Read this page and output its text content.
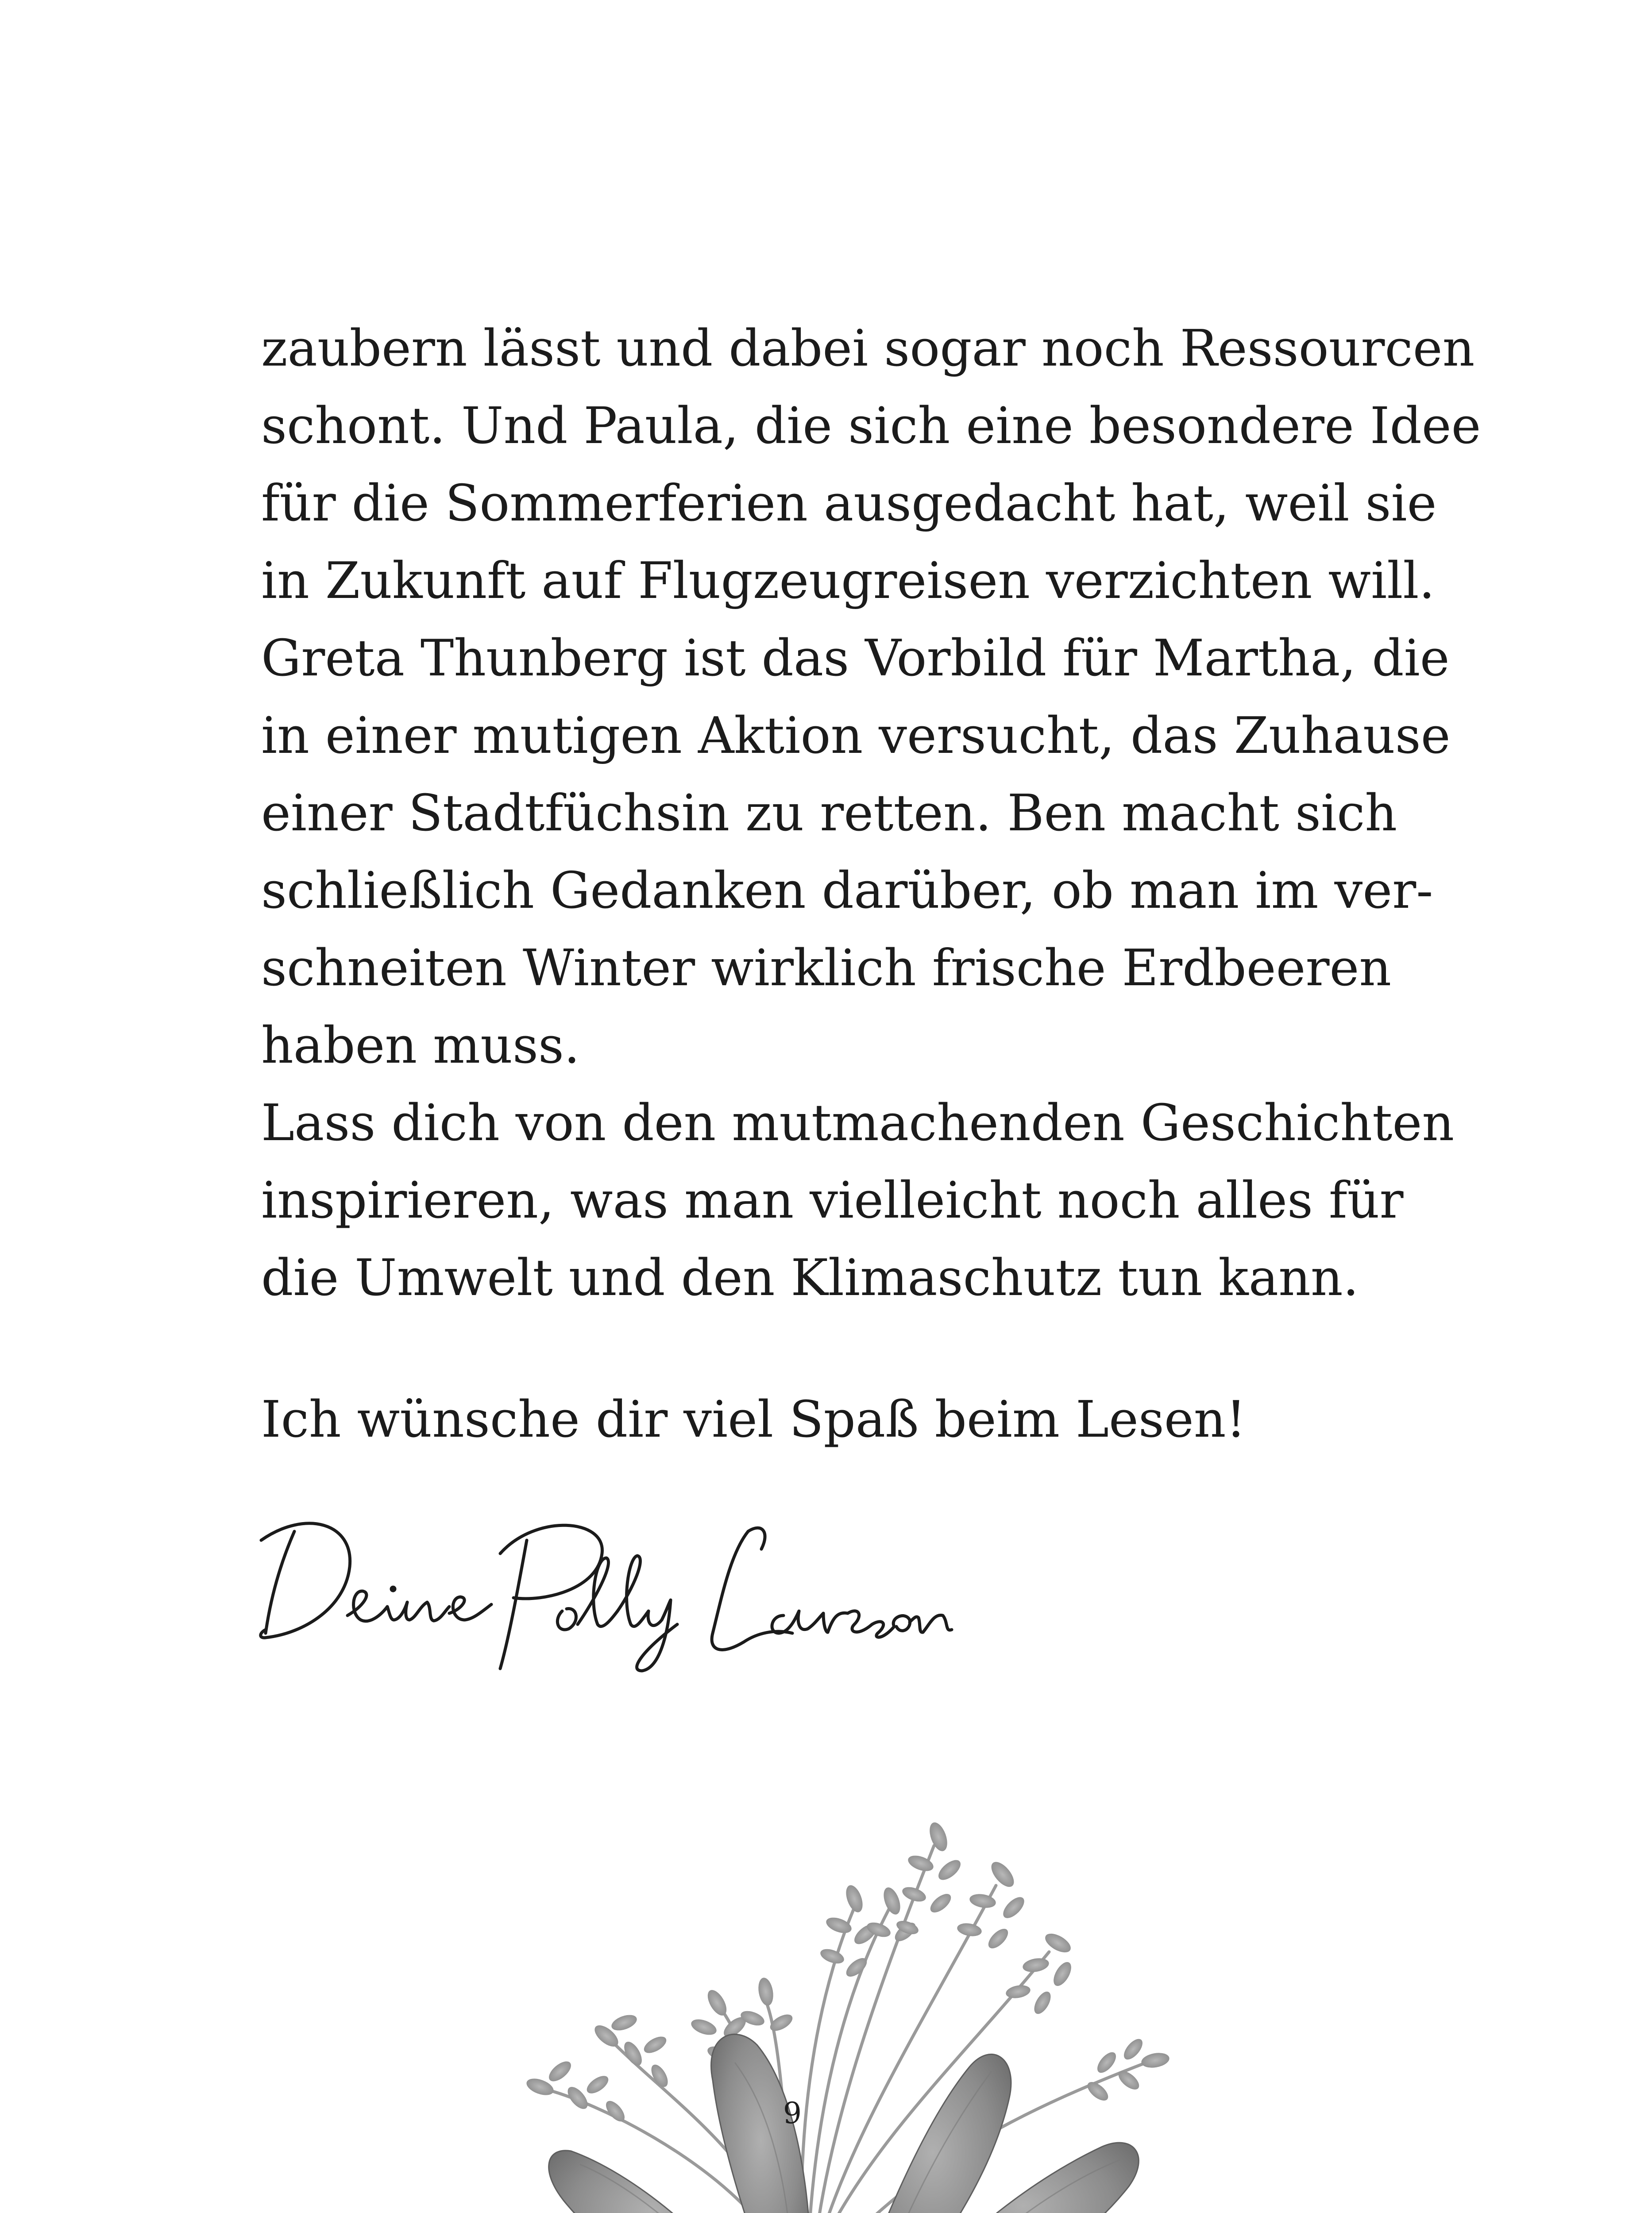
zaubern lässt und dabei sogar noch Ressourcen
schont. Und Paula, die sich eine besondere Idee
für die Sommerferien ausgedacht hat, weil sie
in Zukunft auf Flugzeugreisen verzichten will.
Greta Thunberg ist das Vorbild für Martha, die
in einer mutigen Aktion versucht, das Zuhause
einer Stadtfüchsin zu retten. Ben macht sich
schließlich Gedanken darüber, ob man im ver-
schneiten Winter wirklich frische Erdbeeren
haben muss.
Lass dich von den mutmachenden Geschichten
inspirieren, was man vielleicht noch alles für
die Umwelt und den Klimaschutz tun kann.
Ich wünsche dir viel Spaß beim Lesen!
9
